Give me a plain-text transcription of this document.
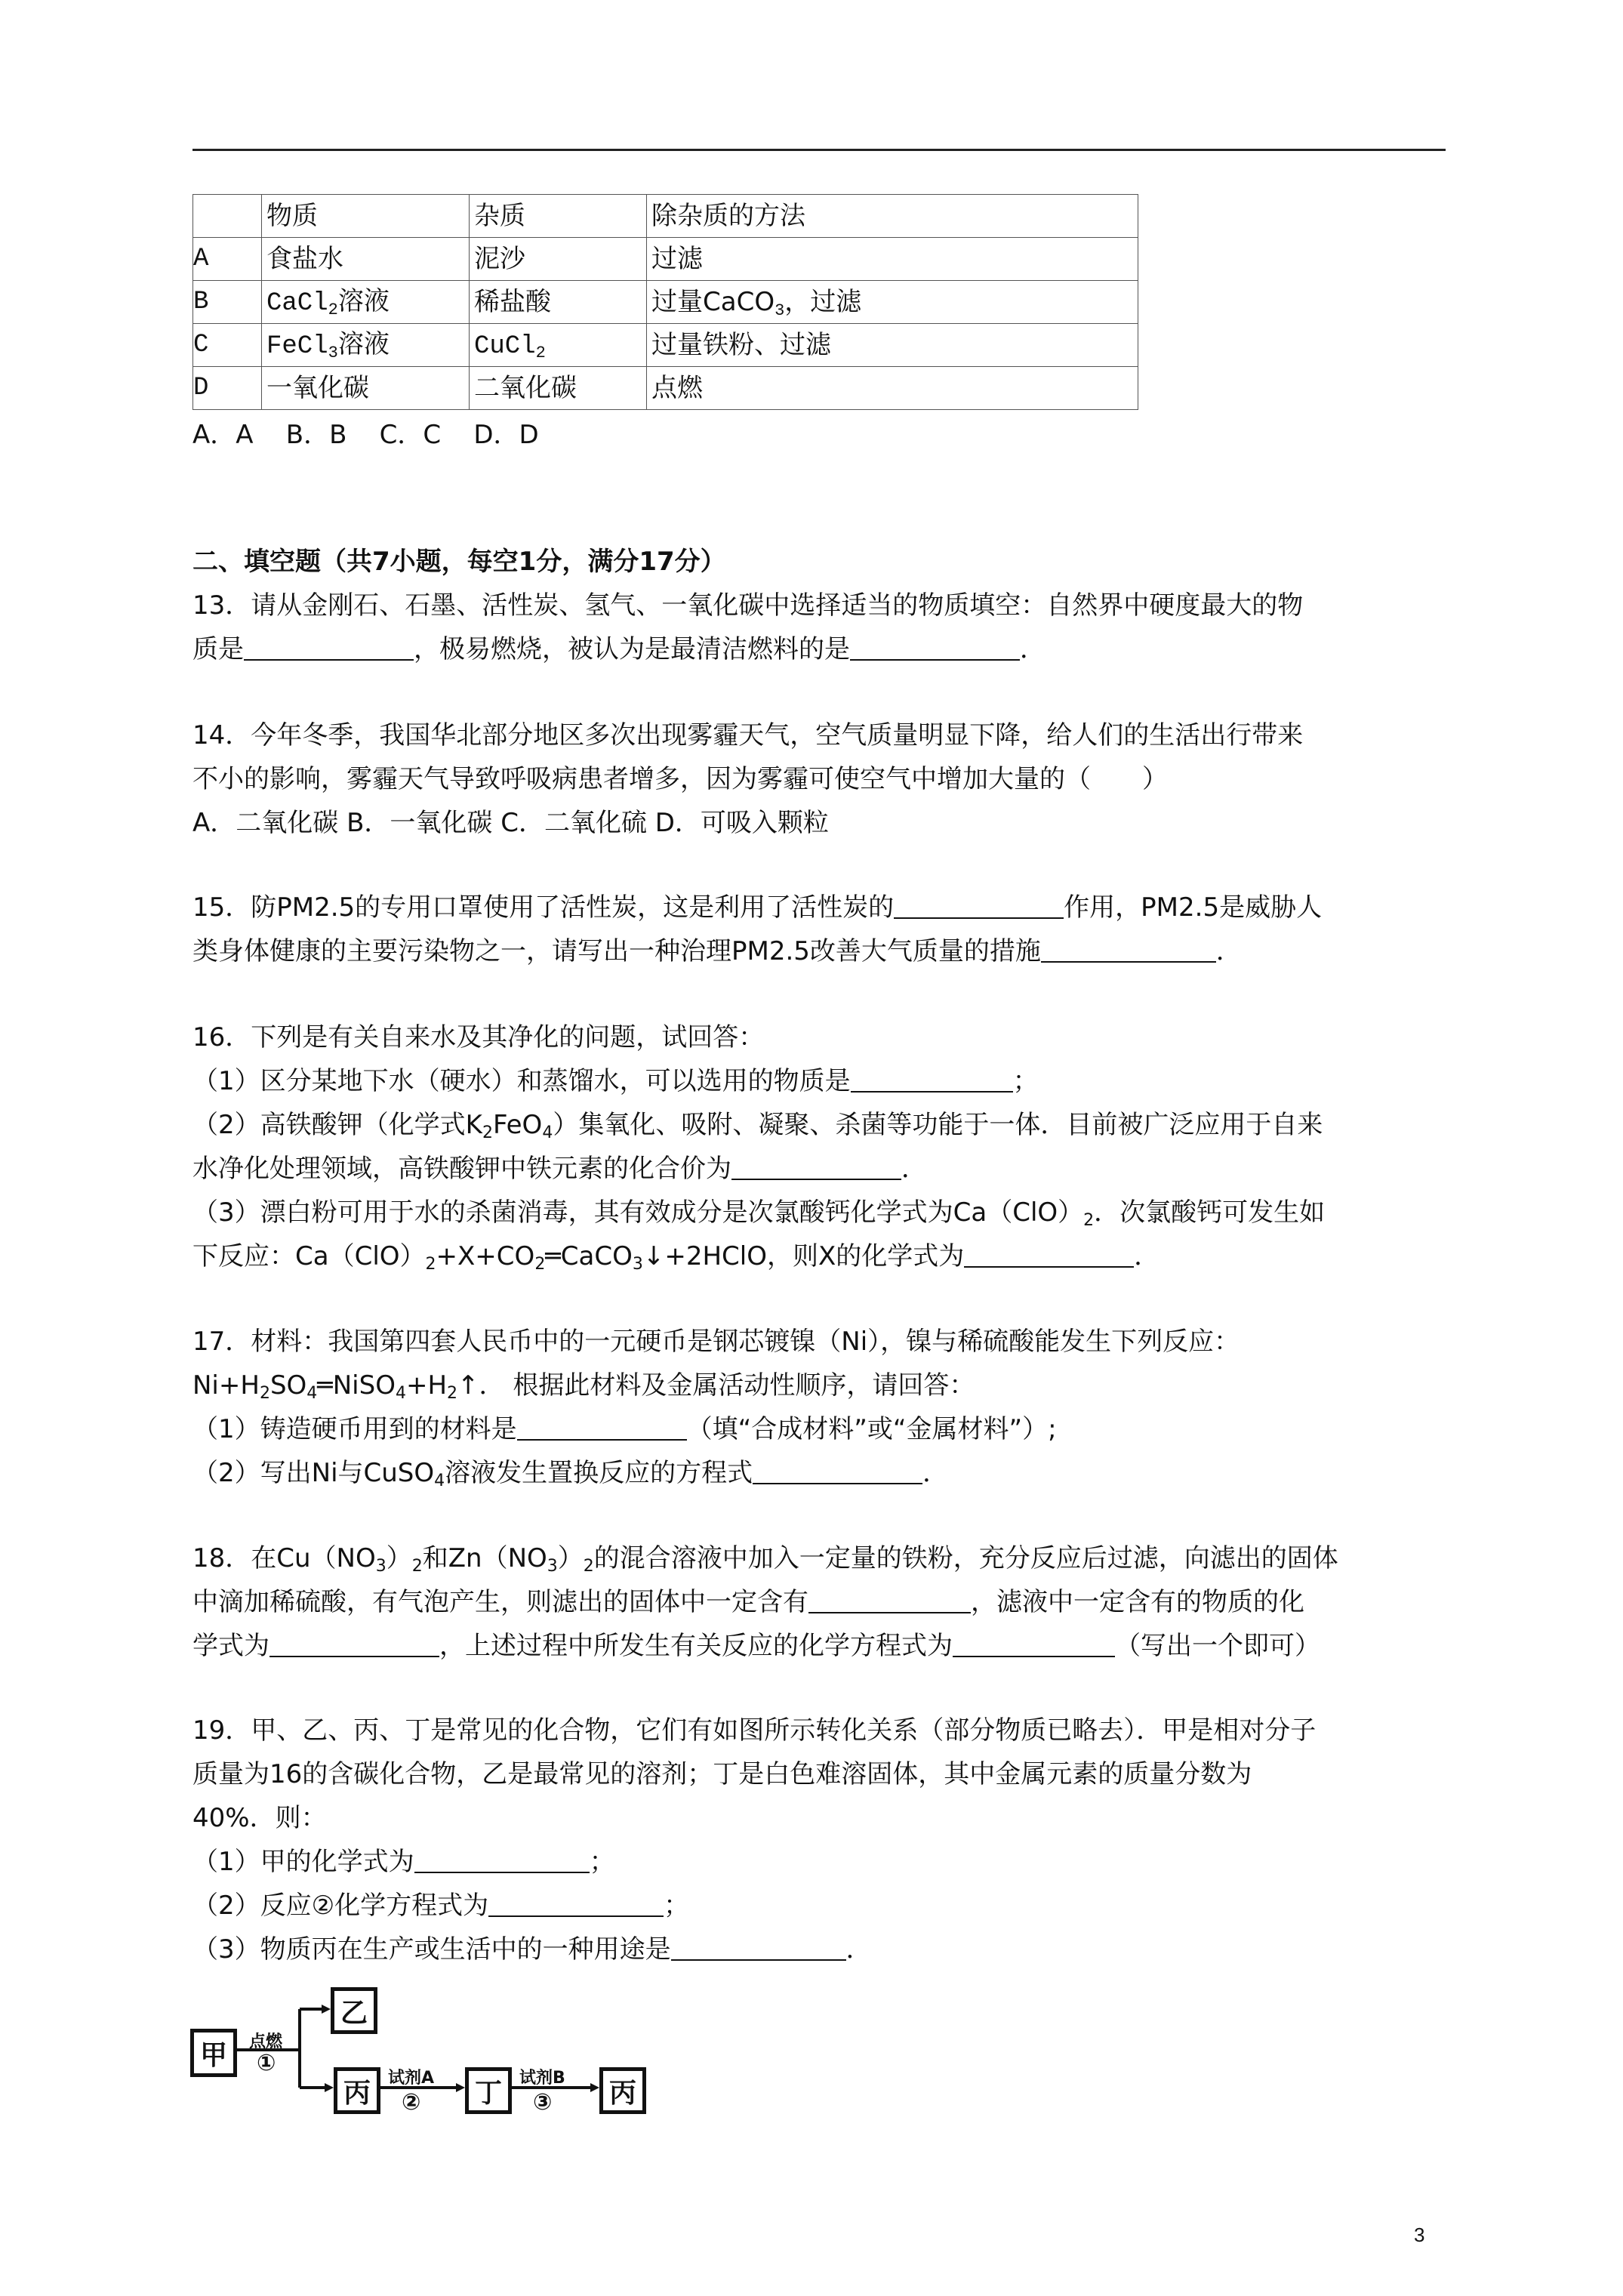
	物质	杂质	除杂质的方法
A	食盐水	泥沙	过滤
B	CaCl$_2$溶液	稀盐酸	过量CaCO$_3$，过滤
C	FeCl$_3$溶液	CuCl$_2$	过量铁粉、过滤
D	一氧化碳	二氧化碳	点燃
A．A    B．B    C．C    D．D
二、填空题（共7小题，每空1分，满分17分）
13．请从金刚石、石墨、活性炭、氢气、一氧化碳中选择适当的物质填空：自然界中硬度最大的物
质是	，极易燃烧，被认为是最清洁燃料的是	．
14．今年冬季，我国华北部分地区多次出现雾霾天气，空气质量明显下降，给人们的生活出行带来
不小的影响，雾霾天气导致呼吸病患者增多，因为雾霾可使空气中增加大量的（　　）
A．二氧化碳 B．一氧化碳 C．二氧化硫 D．可吸入颗粒
15．防PM2.5的专用口罩使用了活性炭，这是利用了活性炭的	作用，PM2.5是威胁人
类身体健康的主要污染物之一，请写出一种治理PM2.5改善大气质量的措施	．
16．下列是有关自来水及其净化的问题，试回答：
（1）区分某地下水（硬水）和蒸馏水，可以选用的物质是	；
（2）高铁酸钾（化学式$K_2FeO_4$）集氧化、吸附、凝聚、杀菌等功能于一体．目前被广泛应用于自来
水净化处理领域，高铁酸钾中铁元素的化合价为	．
（3）漂白粉可用于水的杀菌消毒，其有效成分是次氯酸钙化学式为$Ca(ClO)_2$．次氯酸钙可发生如
下反应：$Ca(ClO)_2+X+CO_2═CaCO_3↓+2HClO$，则X的化学式为	．
17．材料：我国第四套人民币中的一元硬币是钢芯镀镍（Ni），镍与稀硫酸能发生下列反应：
$Ni+H_2SO_4═NiSO_4+H_2↑$． 根据此材料及金属活动性顺序，请回答：
（1）铸造硬币用到的材料是	（填“合成材料”或“金属材料”）;
（2）写出Ni与CuSO$_4$溶液发生置换反应的方程式	．
18．在$Cu(NO_3)_2$和$Zn(NO_3)_2$的混合溶液中加入一定量的铁粉，充分反应后过滤，向滤出的固体
中滴加稀硫酸，有气泡产生，则滤出的固体中一定含有	，滤液中一定含有的物质的化
学式为	，上述过程中所发生有关反应的化学方程式为	（写出一个即可）
19．甲、乙、丙、丁是常见的化合物，它们有如图所示转化关系（部分物质已略去）．甲是相对分子
质量为16的含碳化合物，乙是最常见的溶剂；丁是白色难溶固体，其中金属元素的质量分数为
40%．则：
（1）甲的化学式为	；
（2）反应②化学方程式为	；
（3）物质丙在生产或生活中的一种用途是	．
甲
乙
丙	丁	丙
点燃
①
试剂A
②
试剂B
③
3
